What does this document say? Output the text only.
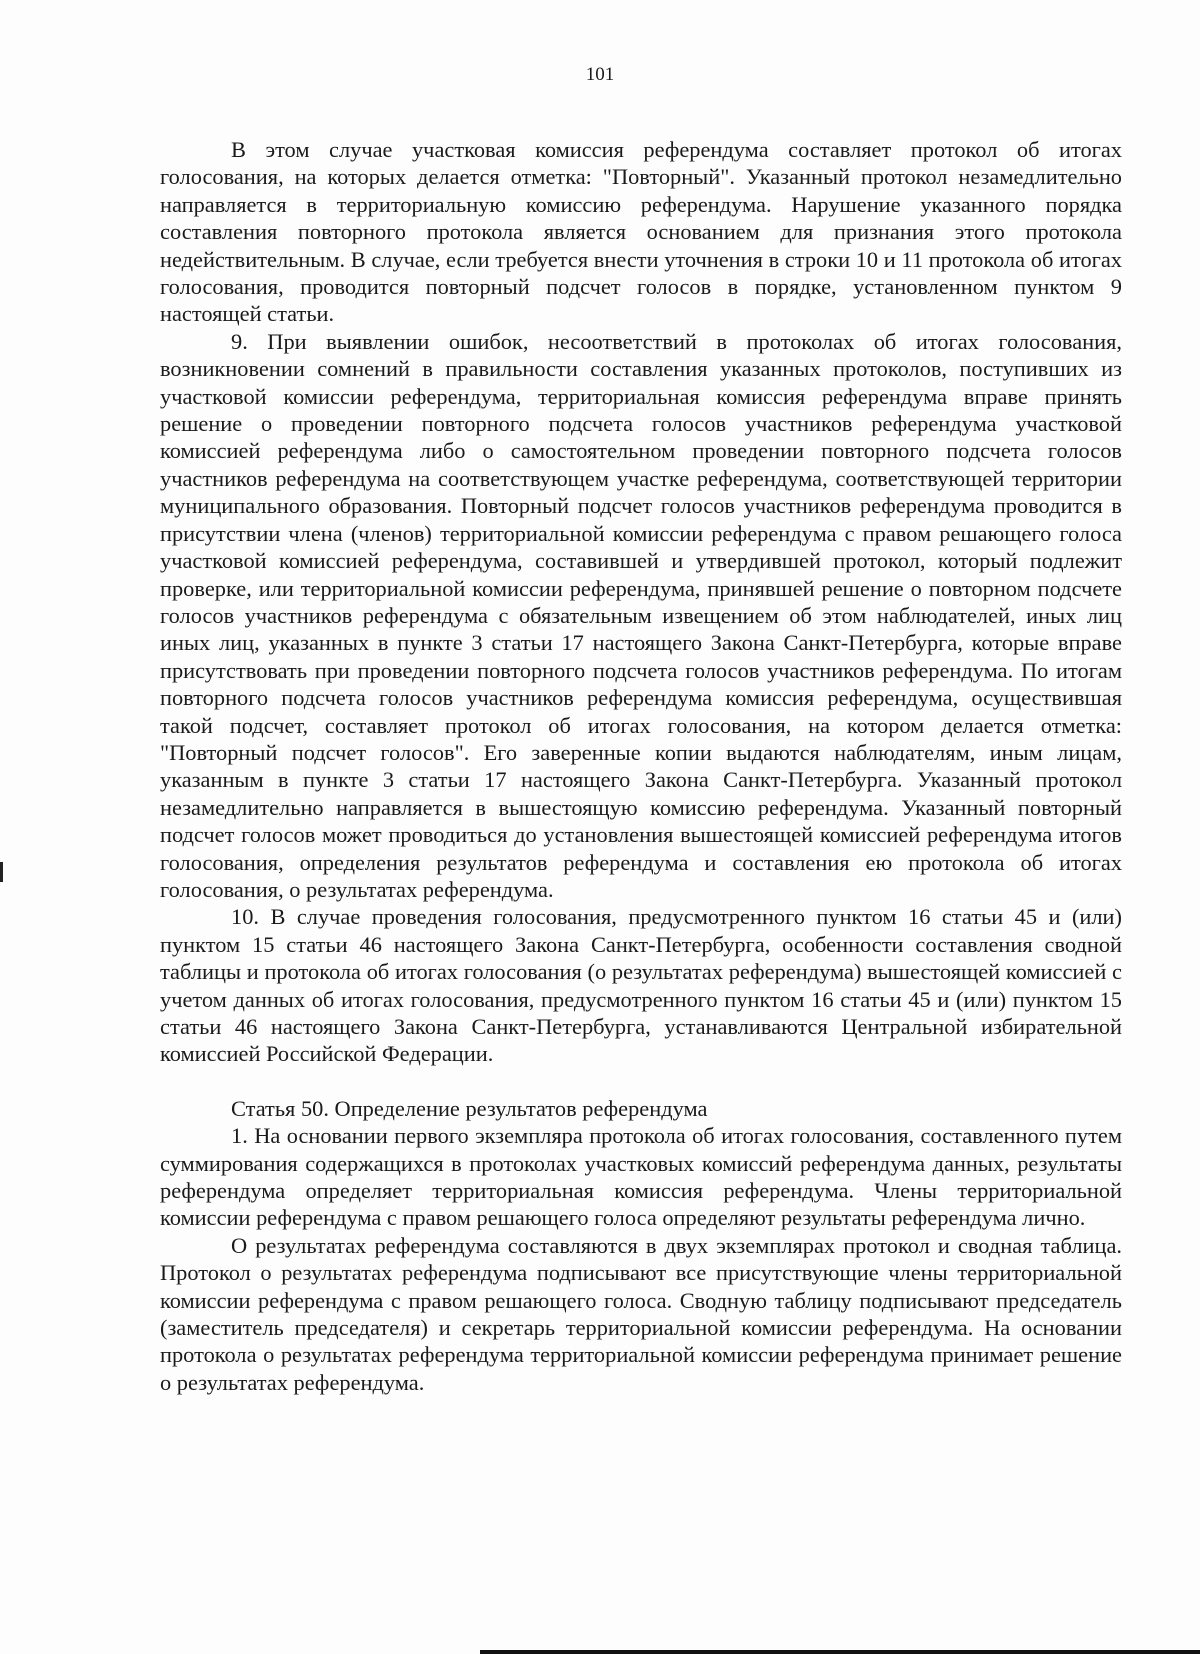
101

В этом случае участковая комиссия референдума составляет протокол об итогах голосования, на которых делается отметка: "Повторный". Указанный протокол незамедлительно направляется в территориальную комиссию референдума. Нарушение указанного порядка составления повторного протокола является основанием для признания этого протокола недействительным. В случае, если требуется внести уточнения в строки 10 и 11 протокола об итогах голосования, проводится повторный подсчет голосов в порядке, установленном пунктом 9 настоящей статьи.

9. При выявлении ошибок, несоответствий в протоколах об итогах голосования, возникновении сомнений в правильности составления указанных протоколов, поступивших из участковой комиссии референдума, территориальная комиссия референдума вправе принять решение о проведении повторного подсчета голосов участников референдума участковой комиссией референдума либо о самостоятельном проведении повторного подсчета голосов участников референдума на соответствующем участке референдума, соответствующей территории муниципального образования. Повторный подсчет голосов участников референдума проводится в присутствии члена (членов) территориальной комиссии референдума с правом решающего голоса участковой комиссией референдума, составившей и утвердившей протокол, который подлежит проверке, или территориальной комиссии референдума, принявшей решение о повторном подсчете голосов участников референдума с обязательным извещением об этом наблюдателей, иных лиц иных лиц, указанных в пункте 3 статьи 17 настоящего Закона Санкт-Петербурга, которые вправе присутствовать при проведении повторного подсчета голосов участников референдума. По итогам повторного подсчета голосов участников референдума комиссия референдума, осуществившая такой подсчет, составляет протокол об итогах голосования, на котором делается отметка: "Повторный подсчет голосов". Его заверенные копии выдаются наблюдателям, иным лицам, указанным в пункте 3 статьи 17 настоящего Закона Санкт-Петербурга. Указанный протокол незамедлительно направляется в вышестоящую комиссию референдума. Указанный повторный подсчет голосов может проводиться до установления вышестоящей комиссией референдума итогов голосования, определения результатов референдума и составления ею протокола об итогах голосования, о результатах референдума.

10. В случае проведения голосования, предусмотренного пунктом 16 статьи 45 и (или) пунктом 15 статьи 46 настоящего Закона Санкт-Петербурга, особенности составления сводной таблицы и протокола об итогах голосования (о результатах референдума) вышестоящей комиссией с учетом данных об итогах голосования, предусмотренного пунктом 16 статьи 45 и (или) пунктом 15 статьи 46 настоящего Закона Санкт-Петербурга, устанавливаются Центральной избирательной комиссией Российской Федерации.

Статья 50. Определение результатов референдума

1. На основании первого экземпляра протокола об итогах голосования, составленного путем суммирования содержащихся в протоколах участковых комиссий референдума данных, результаты референдума определяет территориальная комиссия референдума. Члены территориальной комиссии референдума с правом решающего голоса определяют результаты референдума лично.

О результатах референдума составляются в двух экземплярах протокол и сводная таблица. Протокол о результатах референдума подписывают все присутствующие члены территориальной комиссии референдума с правом решающего голоса. Сводную таблицу подписывают председатель (заместитель председателя) и секретарь территориальной комиссии референдума. На основании протокола о результатах референдума территориальной комиссии референдума принимает решение о результатах референдума.
